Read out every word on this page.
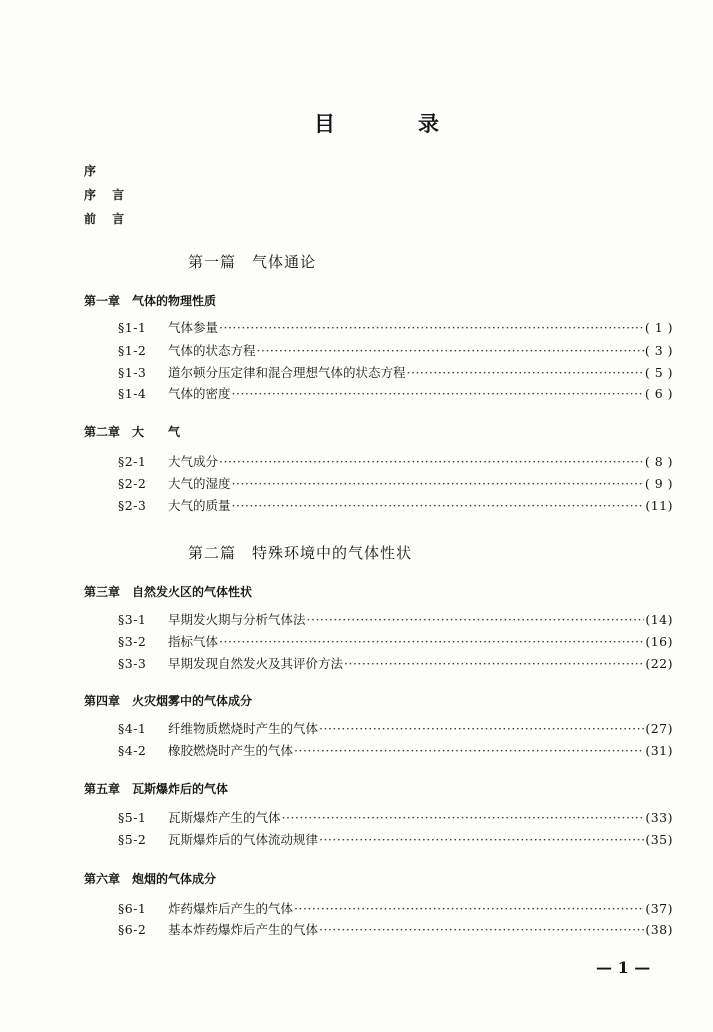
目	录
序
序 言
前 言
第一篇　气体通论
第一章　气体的物理性质
§1-1	气体参量 ·····	( 1 )
§1-2	气体的状态方程 ·····	( 3 )
§1-3	道尔顿分压定律和混合理想气体的状态方程 ·····	( 5 )
§1-4	气体的密度 ·····	( 6 )
第二章　大　　气
§2-1	大气成分 ·····	( 8 )
§2-2	大气的湿度 ·····	( 9 )
§2-3	大气的质量 ·····	(11)
第二篇　特殊环境中的气体性状
第三章　自然发火区的气体性状
§3-1	早期发火期与分析气体法 ·····	(14)
§3-2	指标气体 ·····	(16)
§3-3	早期发现自然发火及其评价方法 ·····	(22)
第四章　火灾烟雾中的气体成分
§4-1	纤维物质燃烧时产生的气体 ·····	(27)
§4-2	橡胶燃烧时产生的气体 ·····	(31)
第五章　瓦斯爆炸后的气体
§5-1	瓦斯爆炸产生的气体 ·····	(33)
§5-2	瓦斯爆炸后的气体流动规律 ·····	(35)
第六章　炮烟的气体成分
§6-1	炸药爆炸后产生的气体 ·····	(37)
§6-2	基本炸药爆炸后产生的气体 ·····	(38)
— 1 —
